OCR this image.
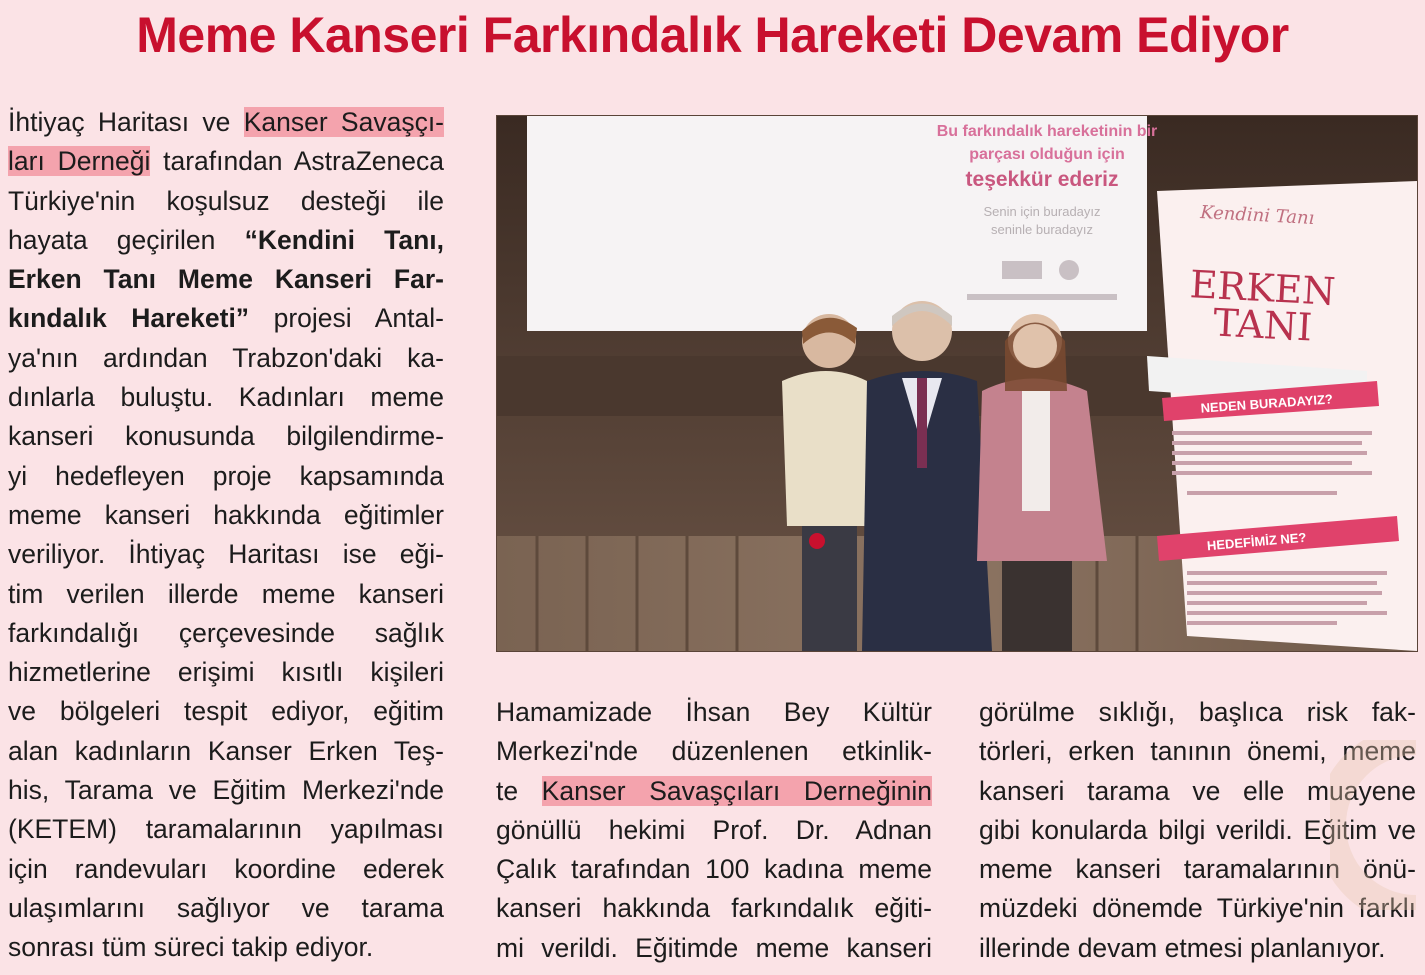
Meme Kanseri Farkındalık Hareketi Devam Ediyor
İhtiyaç Haritası ve Kanser Savaşçı-
ları Derneği tarafından AstraZeneca
Türkiye'nin koşulsuz desteği ile
hayata geçirilen “Kendini Tanı,
Erken Tanı Meme Kanseri Far-
kındalık Hareketi” projesi Antal-
ya'nın ardından Trabzon'daki ka-
dınlarla buluştu. Kadınları meme
kanseri konusunda bilgilendirme-
yi hedefleyen proje kapsamında
meme kanseri hakkında eğitimler
veriliyor. İhtiyaç Haritası ise eği-
tim verilen illerde meme kanseri
farkındalığı çerçevesinde sağlık
hizmetlerine erişimi kısıtlı kişileri
ve bölgeleri tespit ediyor, eğitim
alan kadınların Kanser Erken Teş-
his, Tarama ve Eğitim Merkezi'nde
(KETEM) taramalarının yapılması
için randevuları koordine ederek
ulaşımlarını sağlıyor ve tarama
sonrası tüm süreci takip ediyor.
Bu farkındalık hareketinin bir
parçası olduğun için
teşekkür ederiz
Senin için buradayız
seninle buradayız
Kendini Tanı
ERKEN
TANI
NEDEN BURADAYIZ?
HEDEFİMİZ NE?
Hamamizade İhsan Bey Kültür
Merkezi'nde düzenlenen etkinlik-
te Kanser Savaşçıları Derneğinin
gönüllü hekimi Prof. Dr. Adnan
Çalık tarafından 100 kadına meme
kanseri hakkında farkındalık eğiti-
mi verildi. Eğitimde meme kanseri
görülme sıklığı, başlıca risk fak-
törleri, erken tanının önemi, meme
kanseri tarama ve elle muayene
gibi konularda bilgi verildi. Eğitim ve
meme kanseri taramalarının önü-
müzdeki dönemde Türkiye'nin farklı
illerinde devam etmesi planlanıyor.
